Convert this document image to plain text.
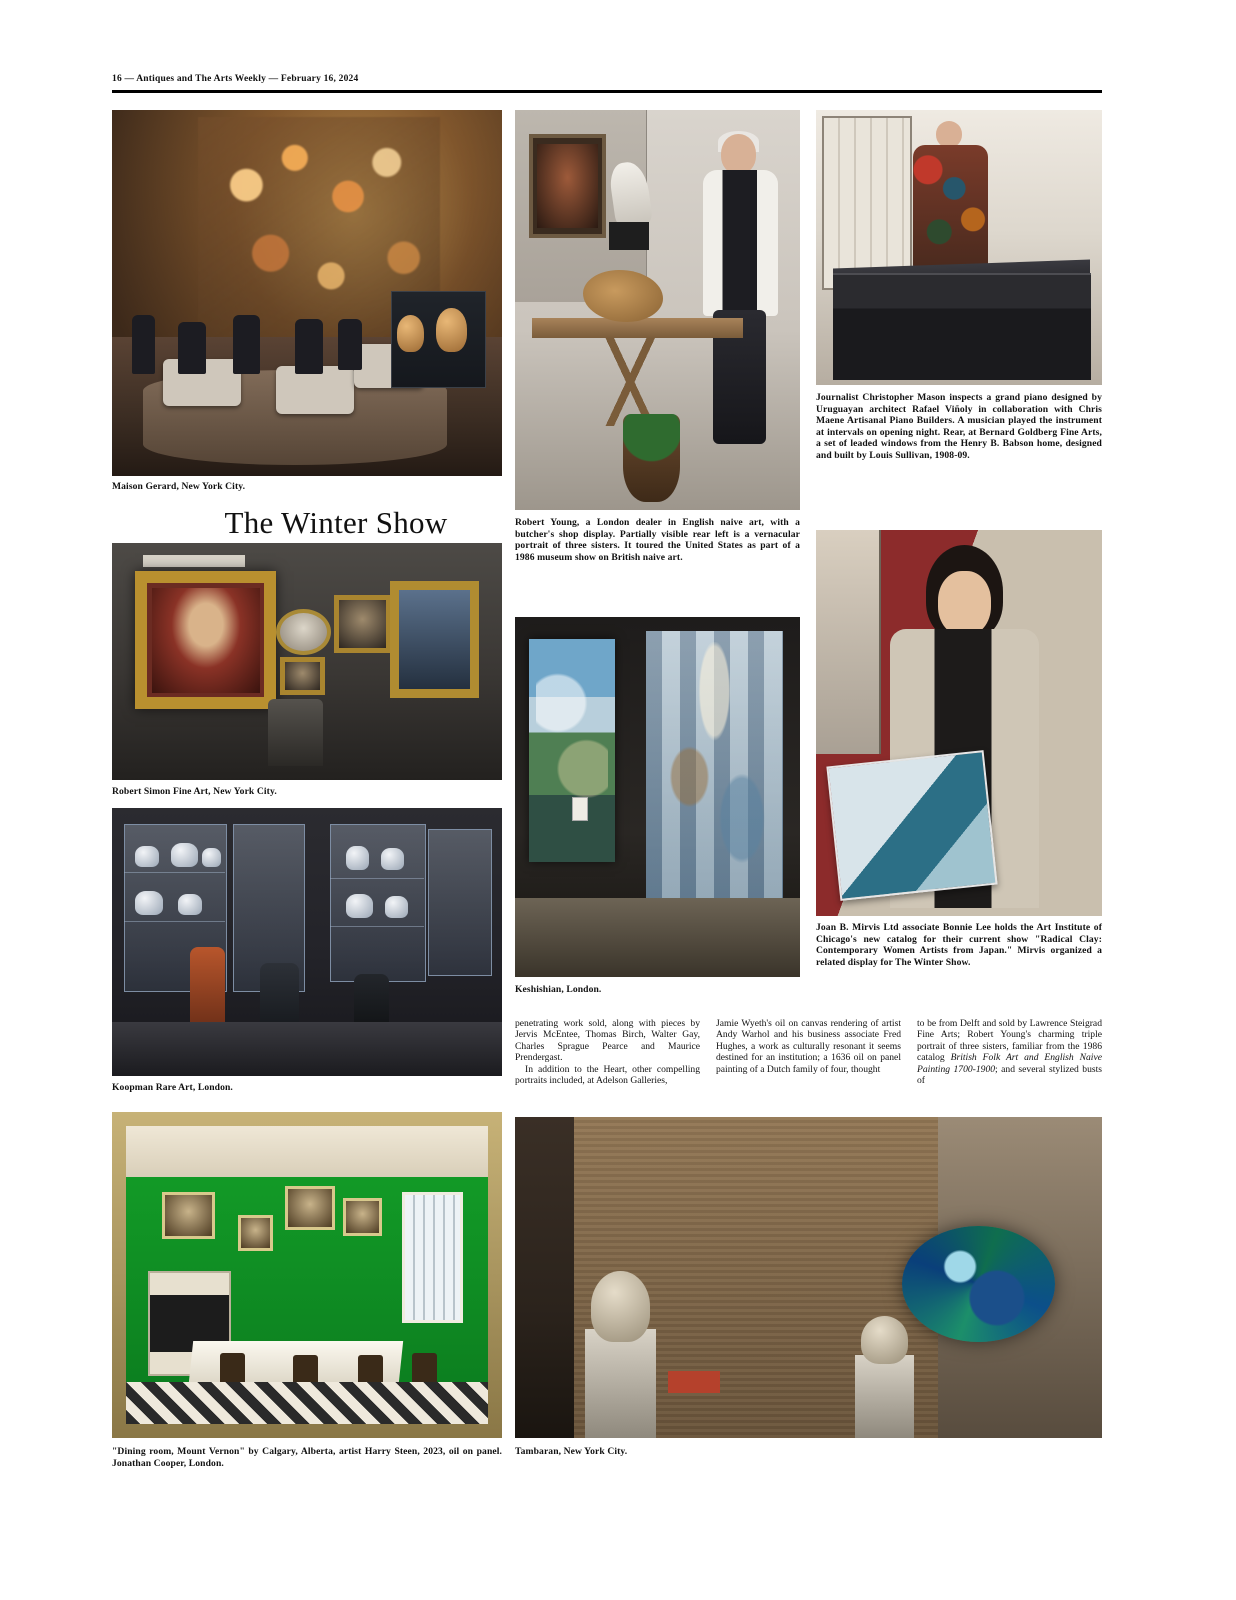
16 — Antiques and The Arts Weekly — February 16, 2024
Maison Gerard, New York City.
The Winter Show
Robert Simon Fine Art, New York City.
Koopman Rare Art, London.
"Dining room, Mount Vernon" by Calgary, Alberta, artist Harry Steen, 2023, oil on panel. Jonathan Cooper, London.
Robert Young, a London dealer in English naive art, with a butcher's shop display. Partially visible rear left is a vernacular portrait of three sisters. It toured the United States as part of a 1986 museum show on British naive art.
Keshishian, London.
Journalist Christopher Mason inspects a grand piano designed by Uruguayan architect Rafael Viñoly in collaboration with Chris Maene Artisanal Piano Builders. A musician played the instrument at intervals on opening night. Rear, at Bernard Goldberg Fine Arts, a set of leaded windows from the Henry B. Babson home, designed and built by Louis Sullivan, 1908-09.
Joan B. Mirvis Ltd associate Bonnie Lee holds the Art Institute of Chicago's new catalog for their current show "Radical Clay: Contemporary Women Artists from Japan." Mirvis organized a related display for The Winter Show.
penetrating work sold, along with pieces by Jervis McEntee, Thomas Birch, Walter Gay, Charles Sprague Pearce and Maurice Prendergast.
In addition to the Heart, other compelling portraits included, at Adelson Galleries,
Jamie Wyeth's oil on canvas rendering of artist Andy Warhol and his business associate Fred Hughes, a work as culturally resonant it seems destined for an institution; a 1636 oil on panel painting of a Dutch family of four, thought
to be from Delft and sold by Lawrence Steigrad Fine Arts; Robert Young's charming triple portrait of three sisters, familiar from the 1986 catalog British Folk Art and English Naive Painting 1700-1900; and several stylized busts of
Tambaran, New York City.
